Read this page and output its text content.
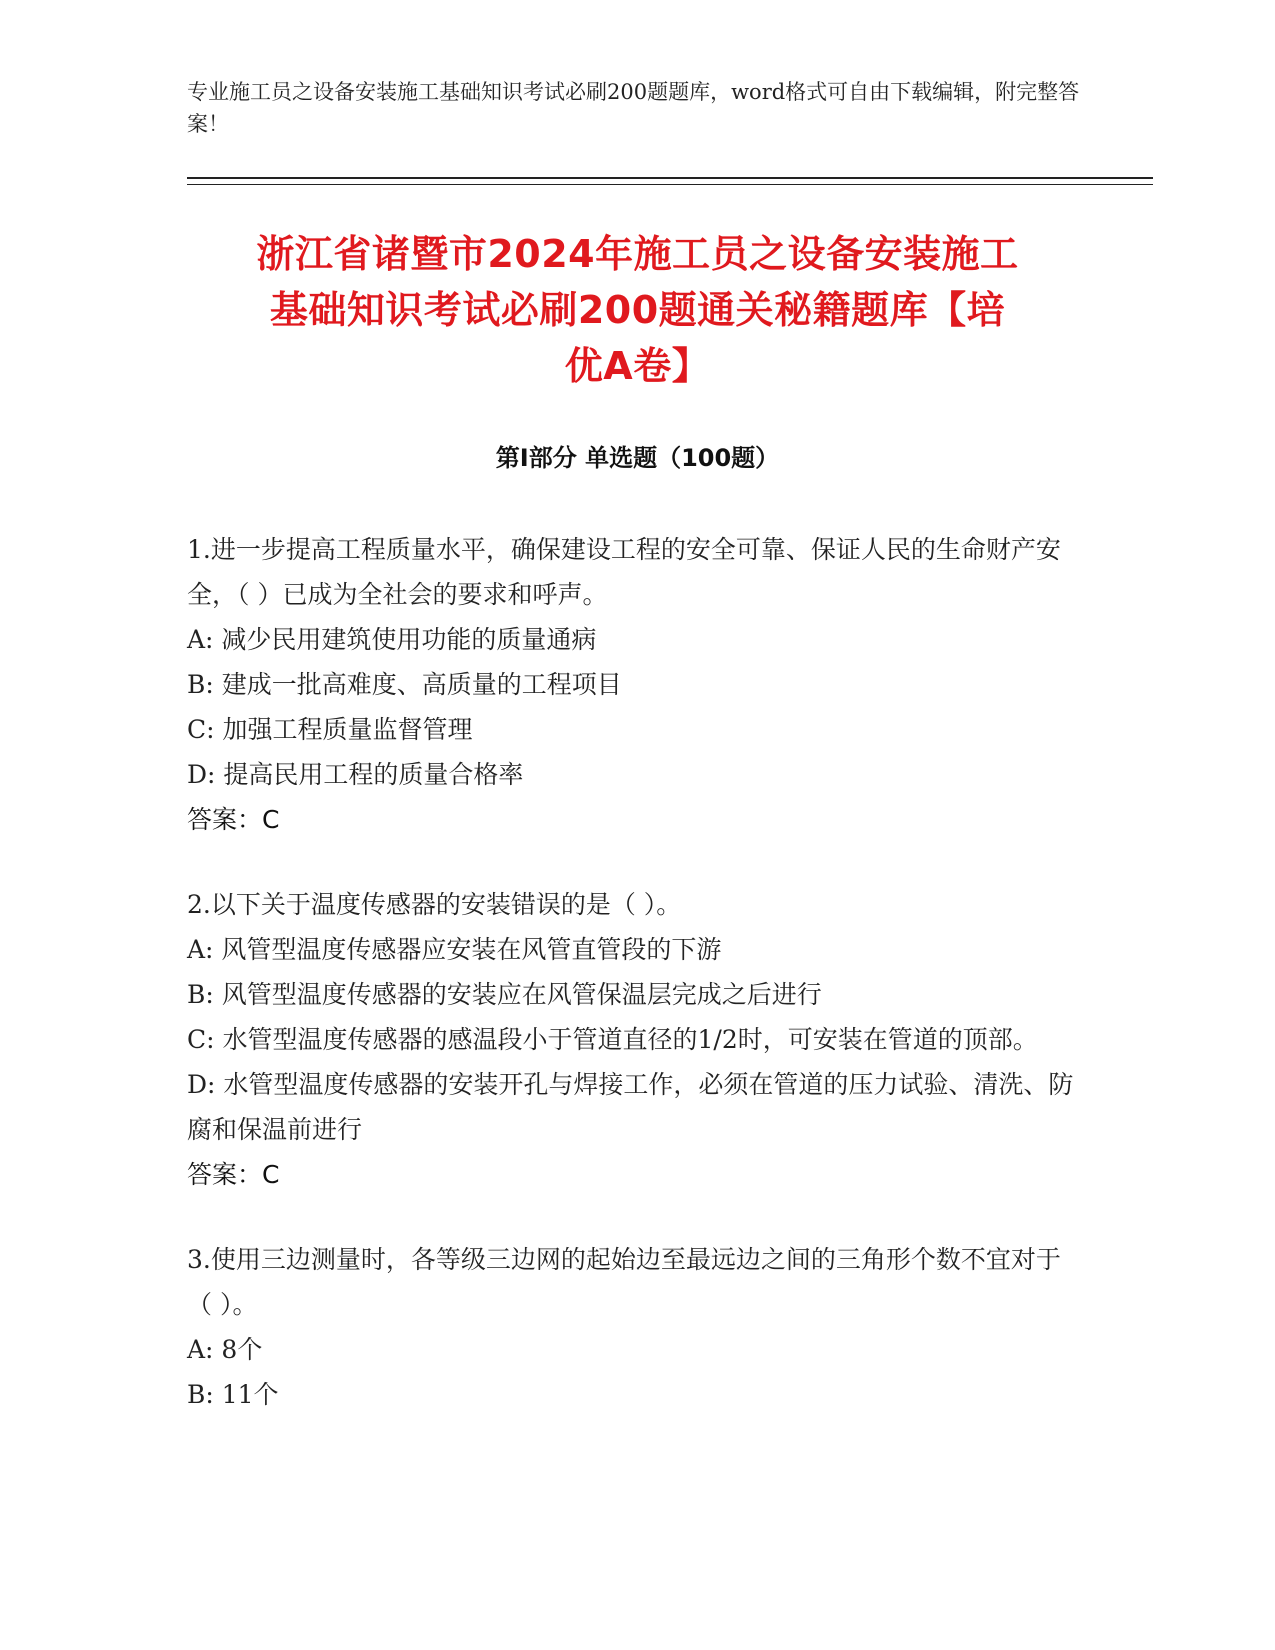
专业施工员之设备安装施工基础知识考试必刷200题题库，word格式可自由下载编辑，附完整答案！
浙江省诸暨市2024年施工员之设备安装施工
基础知识考试必刷200题通关秘籍题库【培
优A卷】
第I部分 单选题（100题）
1.进一步提高工程质量水平，确保建设工程的安全可靠、保证人民的生命财产安全，（ ）已成为全社会的要求和呼声。
A: 减少民用建筑使用功能的质量通病
B: 建成一批高难度、高质量的工程项目
C: 加强工程质量监督管理
D: 提高民用工程的质量合格率
答案：C
2.以下关于温度传感器的安装错误的是（ ）。
A: 风管型温度传感器应安装在风管直管段的下游
B: 风管型温度传感器的安装应在风管保温层完成之后进行
C: 水管型温度传感器的感温段小于管道直径的1/2时，可安装在管道的顶部。
D: 水管型温度传感器的安装开孔与焊接工作，必须在管道的压力试验、清洗、防腐和保温前进行
答案：C
3.使用三边测量时，各等级三边网的起始边至最远边之间的三角形个数不宜对于（ ）。
A: 8个
B: 11个
